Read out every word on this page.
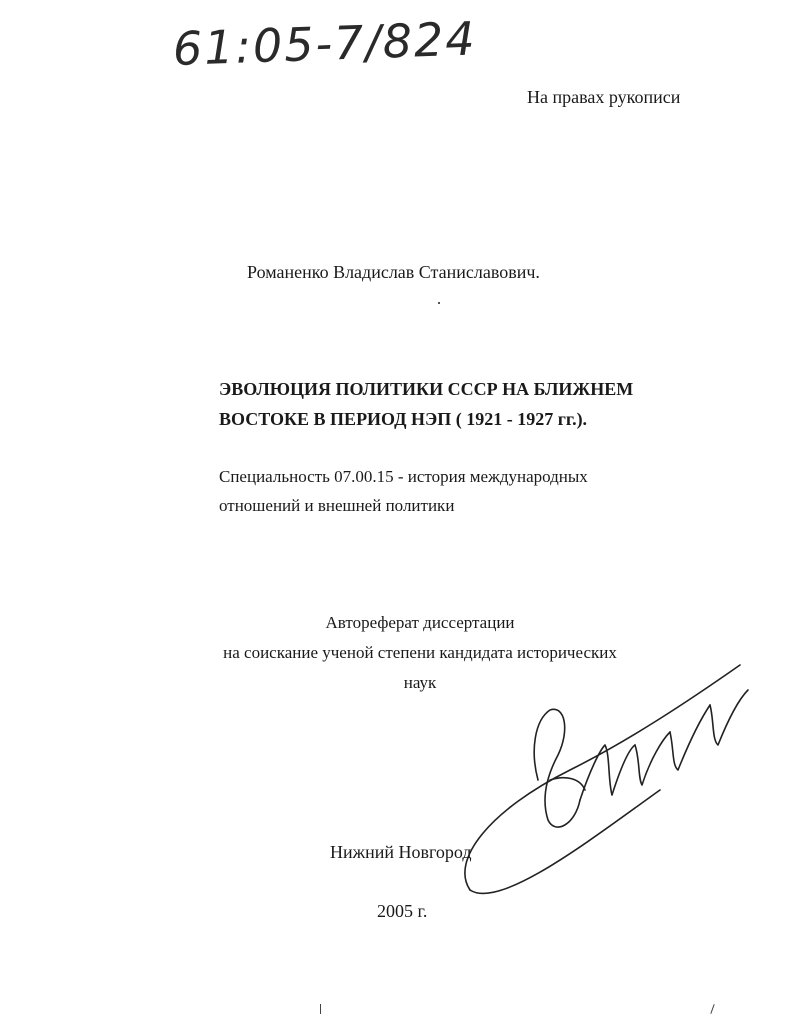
61:05-7/824
На правах рукописи
Романенко Владислав Станиславович.
ЭВОЛЮЦИЯ ПОЛИТИКИ СССР НА БЛИЖНЕМ
ВОСТОКЕ В ПЕРИОД НЭП ( 1921 - 1927 гг.).
Специальность 07.00.15 - история международных
отношений и внешней политики
Автореферат диссертации
на соискание ученой степени кандидата исторических
наук
Нижний Новгород
2005 г.
